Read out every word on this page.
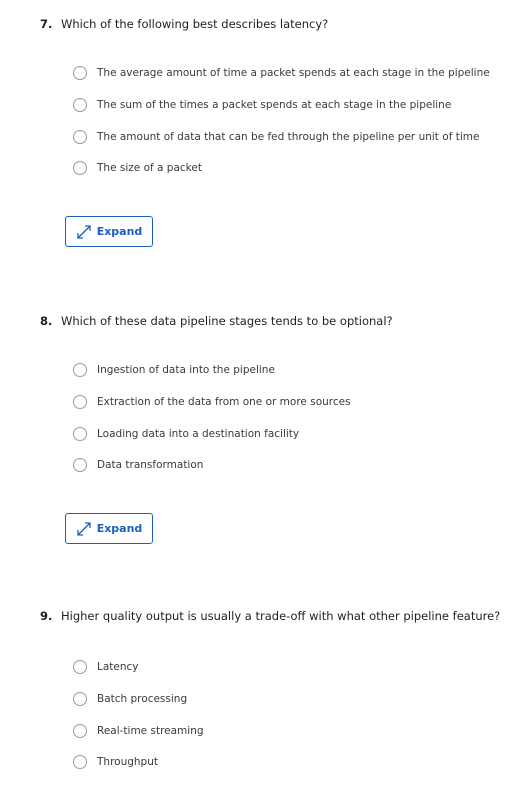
7. Which of the following best describes latency?
The average amount of time a packet spends at each stage in the pipeline
The sum of the times a packet spends at each stage in the pipeline
The amount of data that can be fed through the pipeline per unit of time
The size of a packet
Expand
8. Which of these data pipeline stages tends to be optional?
Ingestion of data into the pipeline
Extraction of the data from one or more sources
Loading data into a destination facility
Data transformation
Expand
9. Higher quality output is usually a trade-off with what other pipeline feature?
Latency
Batch processing
Real-time streaming
Throughput
